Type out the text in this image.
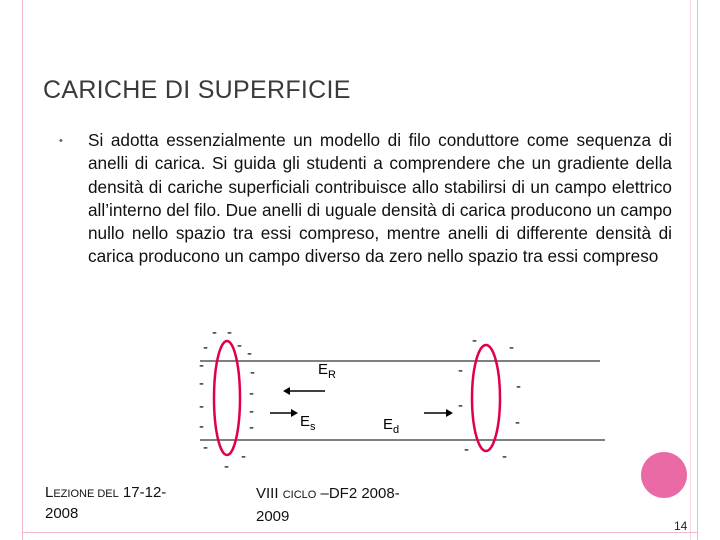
CARICHE DI SUPERFICIE
• Si adotta essenzialmente un modello di filo conduttore come sequenza di anelli di carica. Si guida gli studenti a comprendere che un gradiente della densità di cariche superficiali contribuisce allo stabilirsi di un campo elettrico all’interno del filo. Due anelli di uguale densità di carica producono un campo nullo nello spazio tra essi compreso, mentre anelli di differente densità di carica producono un campo diverso da zero nello spazio tra essi compreso
$E_R$
$E_s$	$E_d$
- -
- - -
-	-
-
-
-	-
-	-
-
-
-
- -
-
-
-
-
- -
LEZIONE DEL 17-12-
2008
VIII CICLO –DF2 2008-
2009
14
